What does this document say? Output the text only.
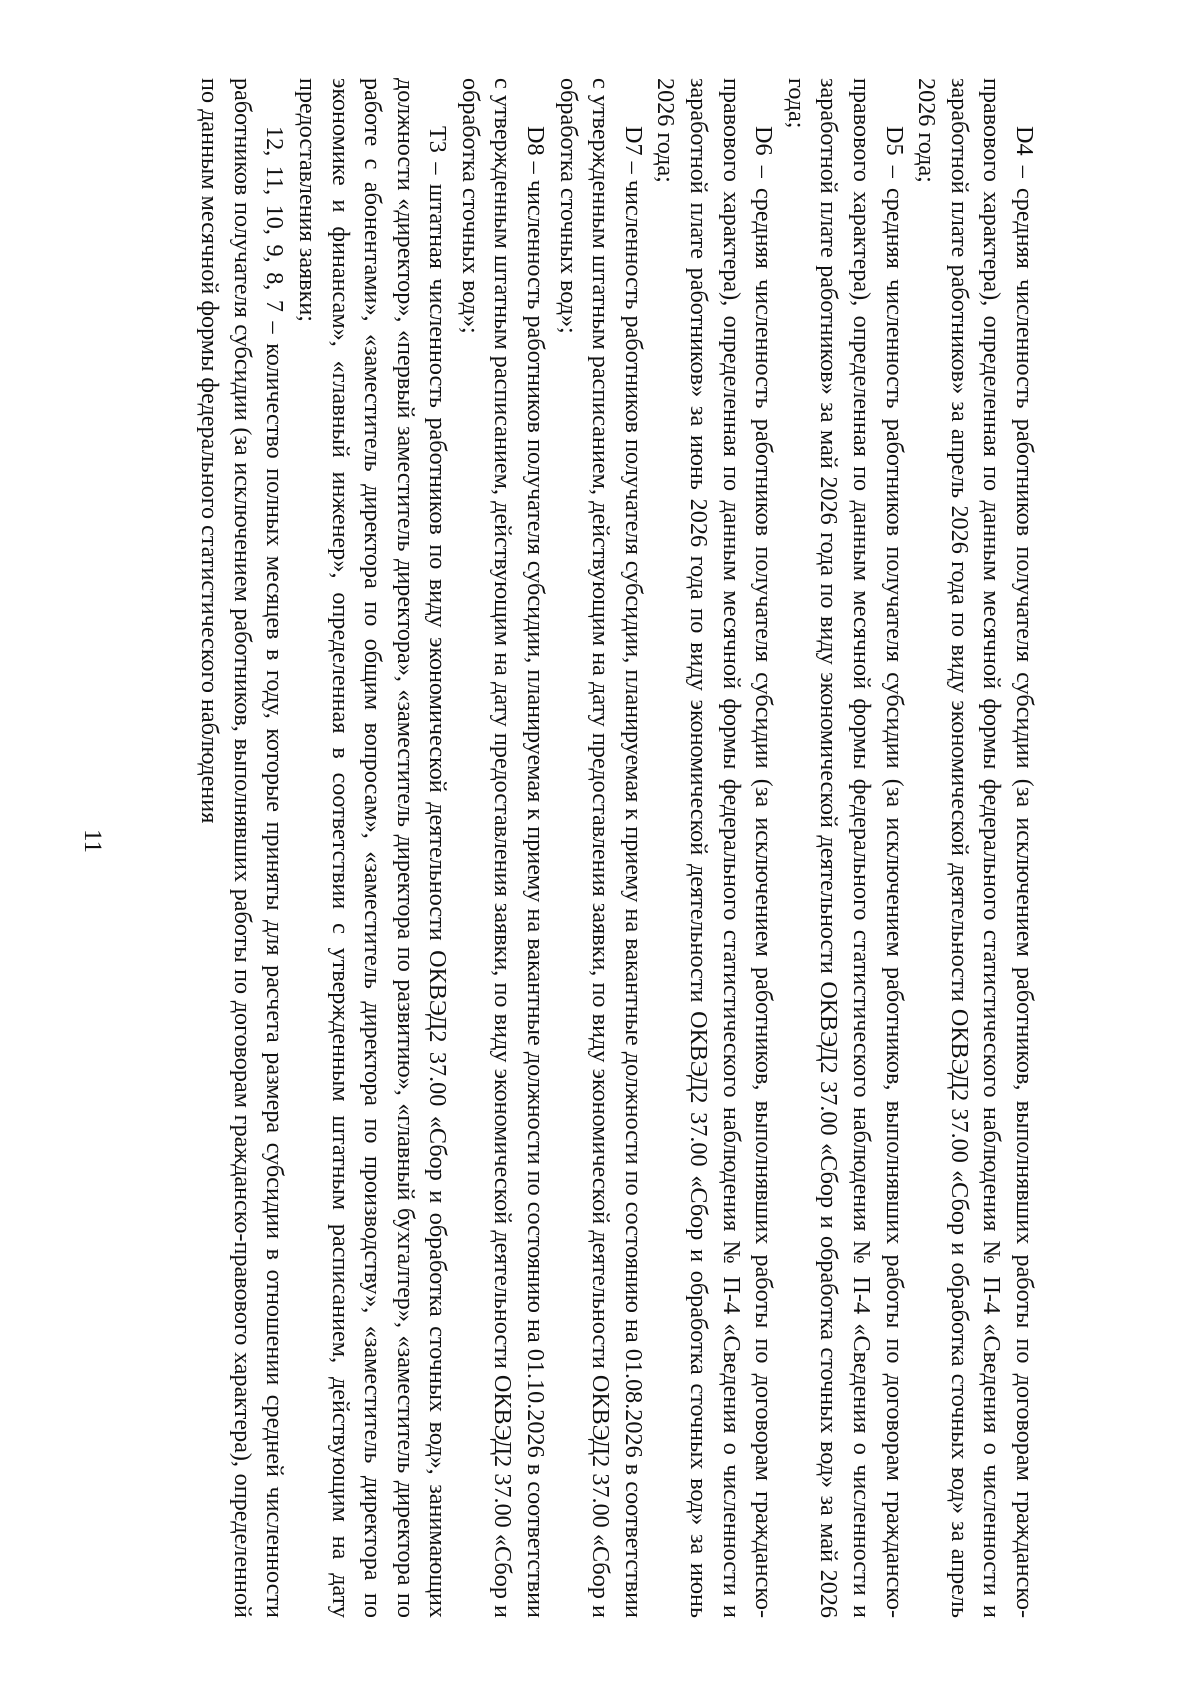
11	D4 – средняя численность работников получателя субсидии (за исключением работников, выполнявших работы по договорам гражданско-правового характера), определенная по данным месячной формы федерального статистического наблюдения № П-4 «Сведения о численности и заработной плате работников» за апрель 2026 года по виду экономической деятельности ОКВЭД2 37.00 «Сбор и обработка сточных вод» за апрель 2026 года;

D5 – средняя численность работников получателя субсидии (за исключением работников, выполнявших работы по договорам гражданско-правового характера), определенная по данным месячной формы федерального статистического наблюдения № П-4 «Сведения о численности и заработной плате работников» за май 2026 года по виду экономической деятельности ОКВЭД2 37.00 «Сбор и обработка сточных вод» за май 2026 года;

D6 – средняя численность работников получателя субсидии (за исключением работников, выполнявших работы по договорам гражданско-правового характера), определенная по данным месячной формы федерального статистического наблюдения № П-4 «Сведения о численности и заработной плате работников» за июнь 2026 года по виду экономической деятельности ОКВЭД2 37.00 «Сбор и обработка сточных вод» за июнь 2026 года;

D7 – численность работников получателя субсидии, планируемая к приему на вакантные должности по состоянию на 01.08.2026 в соответствии с утвержденным штатным расписанием, действующим на дату предоставления заявки, по виду экономической деятельности ОКВЭД2 37.00 «Сбор и обработка сточных вод»;

D8 – численность работников получателя субсидии, планируемая к приему на вакантные должности по состоянию на 01.10.2026 в соответствии с утвержденным штатным расписанием, действующим на дату предоставления заявки, по виду экономической деятельности ОКВЭД2 37.00 «Сбор и обработка сточных вод»;

Т3 – штатная численность работников по виду экономической деятельности ОКВЭД2 37.00 «Сбор и обработка сточных вод», занимающих должности «директор», «первый заместитель директора», «заместитель директора по развитию», «главный бухгалтер», «заместитель директора по работе с абонентами», «заместитель директора по общим вопросам», «заместитель директора по производству», «заместитель директора по экономике и финансам», «главный инженер», определенная в соответствии с утвержденным штатным расписанием, действующим на дату предоставления заявки;

12, 11, 10, 9, 8, 7 – количество полных месяцев в году, которые приняты для расчета размера субсидии в отношении средней численности работников получателя субсидии (за исключением работников, выполнявших работы по договорам гражданско-правового характера), определенной по данным месячной формы федерального статистического наблюдения
